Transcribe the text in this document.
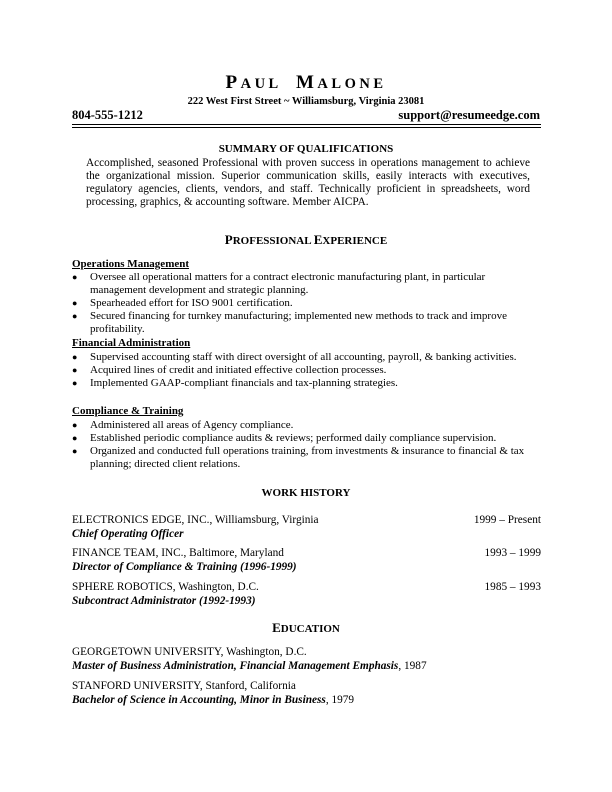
PAUL MALONE
222 West First Street ~ Williamsburg, Virginia 23081
804-555-1212	support@resumeedge.com
SUMMARY OF QUALIFICATIONS

Accomplished, seasoned Professional with proven success in operations management to achieve the organizational mission. Superior communication skills, easily interacts with executives, regulatory agencies, clients, vendors, and staff. Technically proficient in spreadsheets, word processing, graphics, & accounting software. Member AICPA.

PROFESSIONAL EXPERIENCE
Operations Management
● Oversee all operational matters for a contract electronic manufacturing plant, in particular management development and strategic planning.
● Spearheaded effort for ISO 9001 certification.
● Secured financing for turnkey manufacturing; implemented new methods to track and improve profitability.
Financial Administration
● Supervised accounting staff with direct oversight of all accounting, payroll, & banking activities.
● Acquired lines of credit and initiated effective collection processes.
● Implemented GAAP-compliant financials and tax-planning strategies.
Compliance & Training
● Administered all areas of Agency compliance.
● Established periodic compliance audits & reviews; performed daily compliance supervision.
● Organized and conducted full operations training, from investments & insurance to financial & tax planning; directed client relations.
WORK HISTORY
ELECTRONICS EDGE, INC., Williamsburg, Virginia	1999 – Present
Chief Operating Officer
FINANCE TEAM, INC., Baltimore, Maryland	1993 – 1999
Director of Compliance & Training (1996-1999)
SPHERE ROBOTICS, Washington, D.C.	1985 – 1993
Subcontract Administrator (1992-1993)
EDUCATION
GEORGETOWN UNIVERSITY, Washington, D.C.
Master of Business Administration, Financial Management Emphasis, 1987
STANFORD UNIVERSITY, Stanford, California
Bachelor of Science in Accounting, Minor in Business, 1979
